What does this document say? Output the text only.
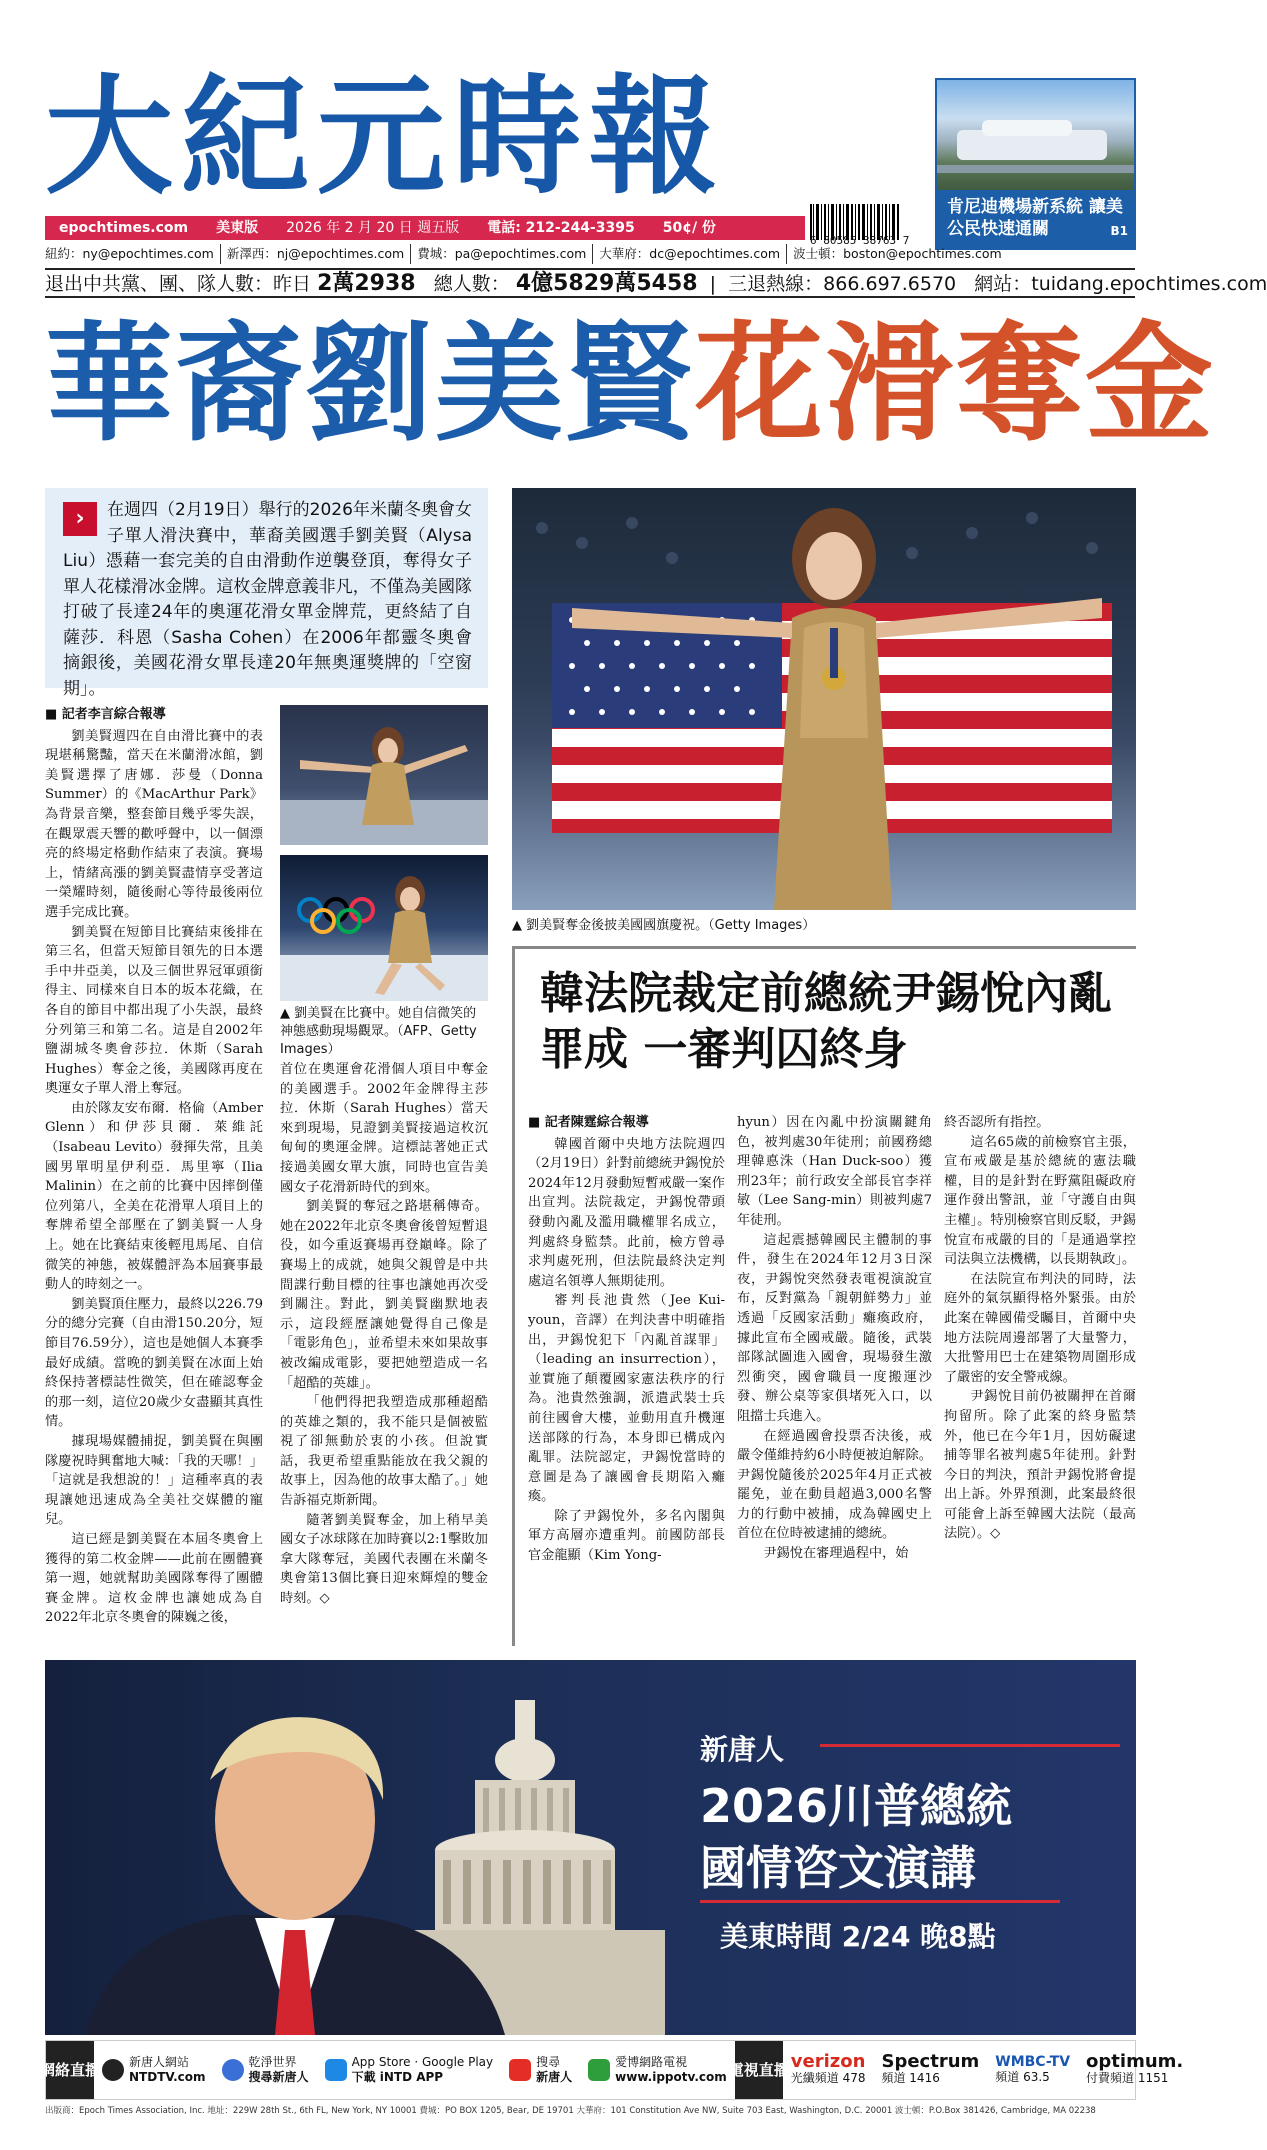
大紀元時報	肯尼迪機場新系統 讓美公民快速通關	B1
epochtimes.com	美東版	2026 年 2 月 20 日 週五版	電話: 212-244-3395	50¢/ 份
6 80585 38763 7
紐約：ny@epochtimes.com	新澤西：nj@epochtimes.com	費城：pa@epochtimes.com	大華府：dc@epochtimes.com	波士頓：boston@epochtimes.com
退出中共黨、團、隊人數：昨日 2萬2938 總人數： 4億5829萬5458  |  三退熱線：866.697.6570 網站：tuidang.epochtimes.com
華裔劉美賢花滑奪金
›	在週四（2月19日）舉行的2026年米蘭冬奧會女子單人滑決賽中，華裔美國選手劉美賢（Alysa Liu）憑藉一套完美的自由滑動作逆襲登頂，奪得女子單人花樣滑冰金牌。這枚金牌意義非凡，不僅為美國隊打破了長達24年的奧運花滑女單金牌荒，更終結了自薩莎．科恩（Sasha Cohen）在2006年都靈冬奧會摘銀後，美國花滑女單長達20年無奧運獎牌的「空窗期」。
▲ 劉美賢奪金後披美國國旗慶祝。（Getty Images）
▲ 劉美賢在比賽中。她自信微笑的神態感動現場觀眾。（AFP、Getty Images）
■ 記者李言綜合報導

劉美賢週四在自由滑比賽中的表現堪稱驚豔，當天在米蘭滑冰館，劉美賢選擇了唐娜．莎曼（Donna Summer）的《MacArthur Park》為背景音樂，整套節目幾乎零失誤，在觀眾震天響的歡呼聲中，以一個漂亮的終場定格動作結束了表演。賽場上，情緒高漲的劉美賢盡情享受著這一榮耀時刻，隨後耐心等待最後兩位選手完成比賽。

劉美賢在短節目比賽結束後排在第三名，但當天短節目領先的日本選手中井亞美，以及三個世界冠軍頭銜得主、同樣來自日本的坂本花織，在各自的節目中都出現了小失誤，最終分列第三和第二名。這是自2002年鹽湖城冬奧會莎拉．休斯（Sarah Hughes）奪金之後，美國隊再度在奧運女子單人滑上奪冠。

由於隊友安布爾．格倫（Amber Glenn）和伊莎貝爾．萊維託（Isabeau Levito）發揮失常，且美國男單明星伊利亞．馬里寧（Ilia Malinin）在之前的比賽中因摔倒僅位列第八，全美在花滑單人項目上的奪牌希望全部壓在了劉美賢一人身上。她在比賽結束後輕甩馬尾、自信微笑的神態，被媒體評為本屆賽事最動人的時刻之一。

劉美賢頂住壓力，最終以226.79分的總分完賽（自由滑150.20分，短節目76.59分），這也是她個人本賽季最好成績。當晚的劉美賢在冰面上始終保持著標誌性微笑，但在確認奪金的那一刻，這位20歲少女盡顯其真性情。

據現場媒體捕捉，劉美賢在與團隊慶祝時興奮地大喊：「我的天哪！」「這就是我想說的！」這種率真的表現讓她迅速成為全美社交媒體的寵兒。

這已經是劉美賢在本屆冬奧會上獲得的第二枚金牌——此前在團體賽第一週，她就幫助美國隊奪得了團體賽金牌。這枚金牌也讓她成為自2022年北京冬奧會的陳巍之後，

首位在奧運會花滑個人項目中奪金的美國選手。2002年金牌得主莎拉．休斯（Sarah Hughes）當天來到現場，見證劉美賢接過這枚沉甸甸的奧運金牌。這標誌著她正式接過美國女單大旗，同時也宣告美國女子花滑新時代的到來。

劉美賢的奪冠之路堪稱傳奇。她在2022年北京冬奧會後曾短暫退役，如今重返賽場再登巔峰。除了賽場上的成就，她與父親曾是中共間諜行動目標的往事也讓她再次受到關注。對此，劉美賢幽默地表示，這段經歷讓她覺得自己像是「電影角色」，並希望未來如果故事被改編成電影，要把她塑造成一名「超酷的英雄」。

「他們得把我塑造成那種超酷的英雄之類的，我不能只是個被監視了卻無動於衷的小孩。但說實話，我更希望重點能放在我父親的故事上，因為他的故事太酷了。」她告訴福克斯新聞。

隨著劉美賢奪金，加上稍早美國女子冰球隊在加時賽以2:1擊敗加拿大隊奪冠，美國代表團在米蘭冬奧會第13個比賽日迎來輝煌的雙金時刻。◇

韓法院裁定前總統尹錫悅內亂罪成 一審判囚終身
■ 記者陳霆綜合報導

韓國首爾中央地方法院週四（2月19日）針對前總統尹錫悅於2024年12月發動短暫戒嚴一案作出宣判。法院裁定，尹錫悅帶頭發動內亂及濫用職權罪名成立，判處終身監禁。此前，檢方曾尋求判處死刑，但法院最終決定判處這名領導人無期徒刑。

審判長池貴然（Jee Kui-youn，音譯）在判決書中明確指出，尹錫悅犯下「內亂首謀罪」（leading an insurrection），並實施了顛覆國家憲法秩序的行為。池貴然強調，派遣武裝士兵前往國會大樓，並動用直升機運送部隊的行為，本身即已構成內亂罪。法院認定，尹錫悅當時的意圖是為了讓國會長期陷入癱瘓。

除了尹錫悅外，多名內閣與軍方高層亦遭重判。前國防部長官金龍顯（Kim Yong-

hyun）因在內亂中扮演關鍵角色，被判處30年徒刑；前國務總理韓悳洙（Han Duck-soo）獲刑23年；前行政安全部長官李祥敏（Lee Sang-min）則被判處7年徒刑。

這起震撼韓國民主體制的事件，發生在2024年12月3日深夜，尹錫悅突然發表電視演說宣布，反對黨為「親朝鮮勢力」並透過「反國家活動」癱瘓政府，據此宣布全國戒嚴。隨後，武裝部隊試圖進入國會，現場發生激烈衝突，國會職員一度搬運沙發、辦公桌等家俱堵死入口，以阻擋士兵進入。

在經過國會投票否決後，戒嚴令僅維持約6小時便被迫解除。尹錫悅隨後於2025年4月正式被罷免，並在動員超過3,000名警力的行動中被捕，成為韓國史上首位在位時被逮捕的總統。

尹錫悅在審理過程中，始

終否認所有指控。

這名65歲的前檢察官主張，宣布戒嚴是基於總統的憲法職權，目的是針對在野黨阻礙政府運作發出警訊，並「守護自由與主權」。特別檢察官則反駁，尹錫悅宣布戒嚴的目的「是通過掌控司法與立法機構，以長期執政」。

在法院宣布判決的同時，法庭外的氣氛顯得格外緊張。由於此案在韓國備受矚目，首爾中央地方法院周邊部署了大量警力，大批警用巴士在建築物周圍形成了嚴密的安全警戒線。

尹錫悅目前仍被關押在首爾拘留所。除了此案的終身監禁外，他已在今年1月，因妨礙逮捕等罪名被判處5年徒刑。針對今日的判決，預計尹錫悅將會提出上訴。外界預測，此案最終很可能會上訴至韓國大法院（最高法院）。◇

新唐人
2026川普總統
國情咨文演講
美東時間 2/24 晚8點
網絡直播 新唐人網站
NTDTV.com
乾淨世界
搜尋新唐人
App Store · Google Play
下載 iNTD APP
搜尋
新唐人
愛博網路電視
www.ippotv.com 電視直播 verizon
光纖頻道 478
Spectrum
頻道 1416
WMBC-TV
頻道 63.5
optimum.
付費頻道 1151
出版商：Epoch Times Association, Inc. 地址：229W 28th St., 6th FL, New York, NY 10001 費城：PO BOX 1205, Bear, DE 19701 大華府：101 Constitution Ave NW, Suite 703 East, Washington, D.C. 20001 波士頓：P.O.Box 381426, Cambridge, MA 02238
